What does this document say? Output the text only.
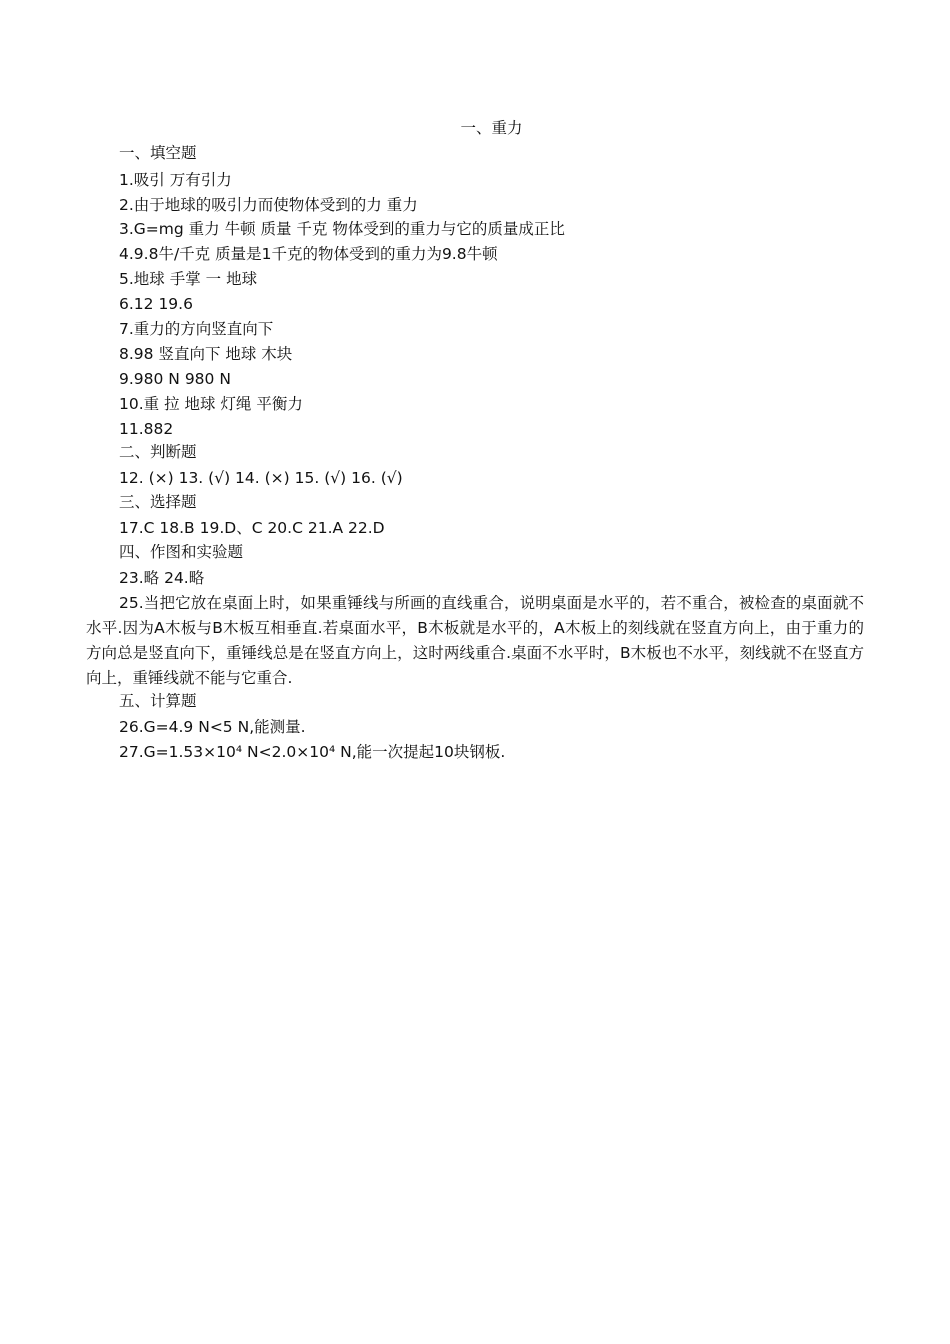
一、重力
一、填空题
1.吸引 万有引力
2.由于地球的吸引力而使物体受到的力 重力
3.G=mg 重力 牛顿 质量 千克 物体受到的重力与它的质量成正比
4.9.8牛/千克 质量是1千克的物体受到的重力为9.8牛顿
5.地球 手掌 一 地球
6.12 19.6
7.重力的方向竖直向下
8.98 竖直向下 地球 木块
9.980 N 980 N
10.重 拉 地球 灯绳 平衡力
11.882
二、判断题
12. (×) 13. (√) 14. (×) 15. (√) 16. (√)
三、选择题
17.C 18.B 19.D、C 20.C 21.A 22.D
四、作图和实验题
23.略 24.略
25.当把它放在桌面上时，如果重锤线与所画的直线重合，说明桌面是水平的，若不重合，被检查的桌面就不水平.因为A木板与B木板互相垂直.若桌面水平，B木板就是水平的，A木板上的刻线就在竖直方向上，由于重力的方向总是竖直向下，重锤线总是在竖直方向上，这时两线重合.桌面不水平时，B木板也不水平，刻线就不在竖直方向上，重锤线就不能与它重合.
五、计算题
26.G=4.9 N<5 N,能测量.
27.G=1.53×10⁴ N<2.0×10⁴ N,能一次提起10块钢板.
